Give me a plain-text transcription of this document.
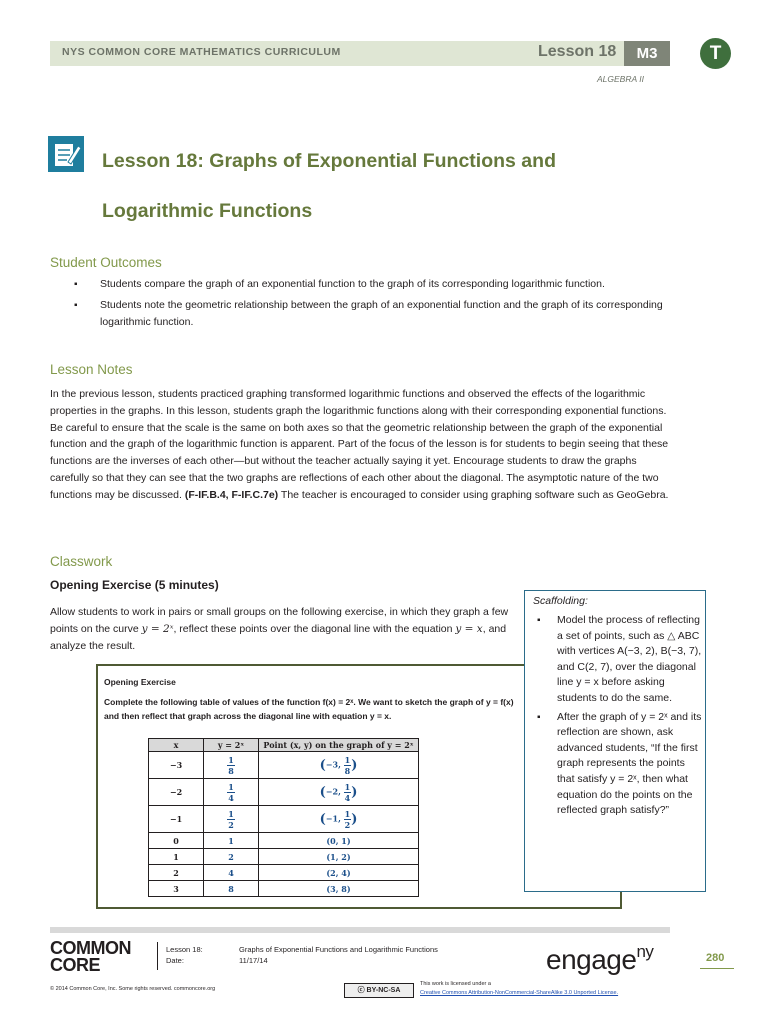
NYS COMMON CORE MATHEMATICS CURRICULUM	Lesson 18	M3	T
ALGEBRA II
Lesson 18: Graphs of Exponential Functions and Logarithmic Functions
Student Outcomes
▪ Students compare the graph of an exponential function to the graph of its corresponding logarithmic function.
▪ Students note the geometric relationship between the graph of an exponential function and the graph of its corresponding logarithmic function.
Lesson Notes
In the previous lesson, students practiced graphing transformed logarithmic functions and observed the effects of the logarithmic properties in the graphs. In this lesson, students graph the logarithmic functions along with their corresponding exponential functions. Be careful to ensure that the scale is the same on both axes so that the geometric relationship between the graph of the exponential function and the graph of the logarithmic function is apparent. Part of the focus of the lesson is for students to begin seeing that these functions are the inverses of each other—but without the teacher actually saying it yet. Encourage students to draw the graphs carefully so that they can see that the two graphs are reflections of each other about the diagonal. The asymptotic nature of the two functions may be discussed. (F-IF.B.4, F-IF.C.7e) The teacher is encouraged to consider using graphing software such as GeoGebra.
Classwork
Opening Exercise (5 minutes)
Allow students to work in pairs or small groups on the following exercise, in which they graph a few points on the curve y = 2ˣ, reflect these points over the diagonal line with the equation y = x, and analyze the result.
Opening Exercise
Complete the following table of values of the function f(x) = 2ˣ. We want to sketch the graph of y = f(x) and then reflect that graph across the diagonal line with equation y = x.
x	y = 2ˣ	Point (x, y) on the graph of y = 2ˣ
−3	$\frac{1}{8}$	(−3, $\frac{1}{8}$ )
−2	$\frac{1}{4}$	(−2, $\frac{1}{4}$ )
−1	$\frac{1}{2}$	(−1, $\frac{1}{2}$ )
0	1	(0, 1)
1	2	(1, 2)
2	4	(2, 4)
3	8	(3, 8)
Scaffolding:
▪ Model the process of reflecting a set of points, such as △ ABC with vertices A(−3, 2), B(−3, 7), and C(2, 7), over the diagonal line y = x before asking students to do the same.
▪ After the graph of y = 2ˣ and its reflection are shown, ask advanced students, “If the first graph represents the points that satisfy y = 2ˣ, then what equation do the points on the reflected graph satisfy?”
COMMON
CORE
Lesson 18:
Date:
Graphs of Exponential Functions and Logarithmic Functions
11/17/14	engage$^{ny}$	280
© 2014 Common Core, Inc. Some rights reserved. commoncore.org	ⓒ BY-NC-SA
This work is licensed under a
Creative Commons Attribution-NonCommercial-ShareAlike 3.0 Unported License.
